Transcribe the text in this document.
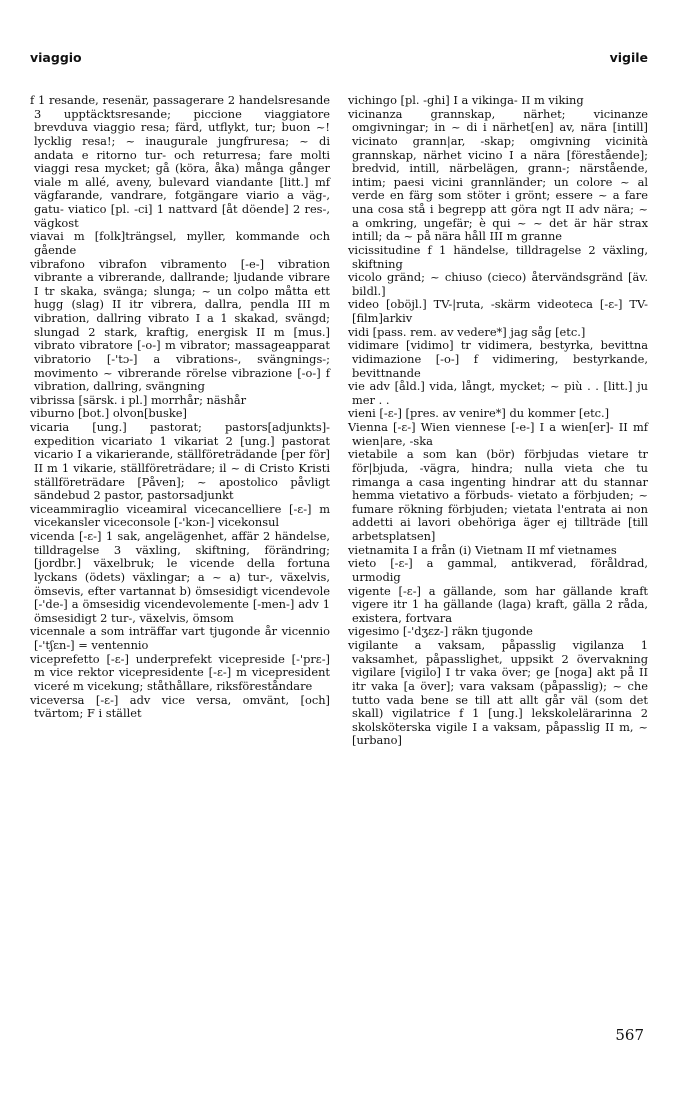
viaggio	vigile

f 1 resande, resenär, passagerare 2 handelsresande 3 upptäcktsresande; piccione viaggiatore brevduva viaggio resa; färd, utflykt, tur; buon ~! lycklig resa!; ~ inaugurale jungfruresa; ~ di andata e ritorno tur- och returresa; fare molti viaggi resa mycket; gå (köra, åka) många gånger viale m allé, aveny, bulevard viandante [litt.] mf vägfarande, vandrare, fotgängare viario a väg-, gatu- viatico [pl. -ci] 1 nattvard [åt döende] 2 res-, vägkost

viavai m [folk]trängsel, myller, kommande och gående

vibrafono vibrafon vibramento [-e-] vibration vibrante a vibrerande, dallrande; ljudande vibrare I tr skaka, svänga; slunga; ~ un colpo måtta ett hugg (slag) II itr vibrera, dallra, pendla III m vibration, dallring vibrato I a 1 skakad, svängd; slungad 2 stark, kraftig, energisk II m [mus.] vibrato vibratore [-o-] m vibrator; massageapparat vibratorio [-'tɔ-] a vibrations-, svängnings-; movimento ~ vibrerande rörelse vibrazione [-o-] f vibration, dallring, svängning

vibrissa [särsk. i pl.] morrhår; näshår

viburno [bot.] olvon[buske]

vicaria [ung.] pastorat; pastors[adjunkts]-expedition vicariato 1 vikariat 2 [ung.] pastorat vicario I a vikarierande, ställföreträdande [per för] II m 1 vikarie, ställföreträdare; il ~ di Cristo Kristi ställföreträdare [Påven]; ~ apostolico påvligt sändebud 2 pastor, pastorsadjunkt

viceammiraglio viceamiral vicecancelliere [-ɛ-] m vicekansler viceconsole [-'kɔn-] vicekonsul

vicenda [-ɛ-] 1 sak, angelägenhet, affär 2 händelse, tilldragelse 3 växling, skiftning, förändring; [jordbr.] växelbruk; le vicende della fortuna lyckans (ödets) växlingar; a ~ a) tur-, växelvis, ömsevis, efter vartannat b) ömsesidigt vicendevole [-'de-] a ömsesidig vicendevolemente [-men-] adv 1 ömsesidigt 2 tur-, växelvis, ömsom

vicennale a som inträffar vart tjugonde år vicennio [-'tʃɛn-] = ventennio

viceprefetto [-ɛ-] underprefekt vicepreside [-'prɛ-] m vice rektor vicepresidente [-ɛ-] m vicepresident viceré m vicekung; ståthållare, riksföreståndare

viceversa [-ɛ-] adv vice versa, omvänt, [och] tvärtom; F i stället

vichingo [pl. -ghi] I a vikinga- II m viking

vicinanza grannskap, närhet; vicinanze omgivningar; in ~ di i närhet[en] av, nära [intill] vicinato grann|ar, -skap; omgivning vicinità grannskap, närhet vicino I a nära [förestående]; bredvid, intill, närbelägen, grann-; närstående, intim; paesi vicini grannländer; un colore ~ al verde en färg som stöter i grönt; essere ~ a fare una cosa stå i begrepp att göra ngt II adv nära; ~ a omkring, ungefär; è qui ~ ~ det är här strax intill; da ~ på nära håll III m granne

vicissitudine f 1 händelse, tilldragelse 2 växling, skiftning

vicolo gränd; ~ chiuso (cieco) återvändsgränd [äv. bildl.]

video [oböjl.] TV-|ruta, -skärm videoteca [-ɛ-] TV-[film]arkiv

vidi [pass. rem. av vedere*] jag såg [etc.]

vidimare [vidimo] tr vidimera, bestyrka, bevittna vidimazione [-o-] f vidimering, bestyrkande, bevittnande

vie adv [åld.] vida, långt, mycket; ~ più . . [litt.] ju mer . .

vieni [-ɛ-] [pres. av venire*] du kommer [etc.]

Vienna [-ɛ-] Wien viennese [-e-] I a wien[er]- II mf wien|are, -ska

vietabile a som kan (bör) förbjudas vietare tr för|bjuda, -vägra, hindra; nulla vieta che tu rimanga a casa ingenting hindrar att du stannar hemma vietativo a förbuds- vietato a förbjuden; ~ fumare rökning förbjuden; vietata l'entrata ai non addetti ai lavori obehöriga äger ej tillträde [till arbetsplatsen]

vietnamita I a från (i) Vietnam II mf vietnames

vieto [-ɛ-] a gammal, antikverad, föråldrad, urmodig

vigente [-ɛ-] a gällande, som har gällande kraft vigere itr 1 ha gällande (laga) kraft, gälla 2 råda, existera, fortvara

vigesimo [-'dʒɛz-] räkn tjugonde

vigilante a vaksam, påpasslig vigilanza 1 vaksamhet, påpasslighet, uppsikt 2 övervakning vigilare [vigilo] I tr vaka över; ge [noga] akt på II itr vaka [a över]; vara vaksam (påpasslig); ~ che tutto vada bene se till att allt går väl (som det skall) vigilatrice f 1 [ung.] lekskolelärarinna 2 skolsköterska vigile I a vaksam, påpasslig II m, ~ [urbano]

567
